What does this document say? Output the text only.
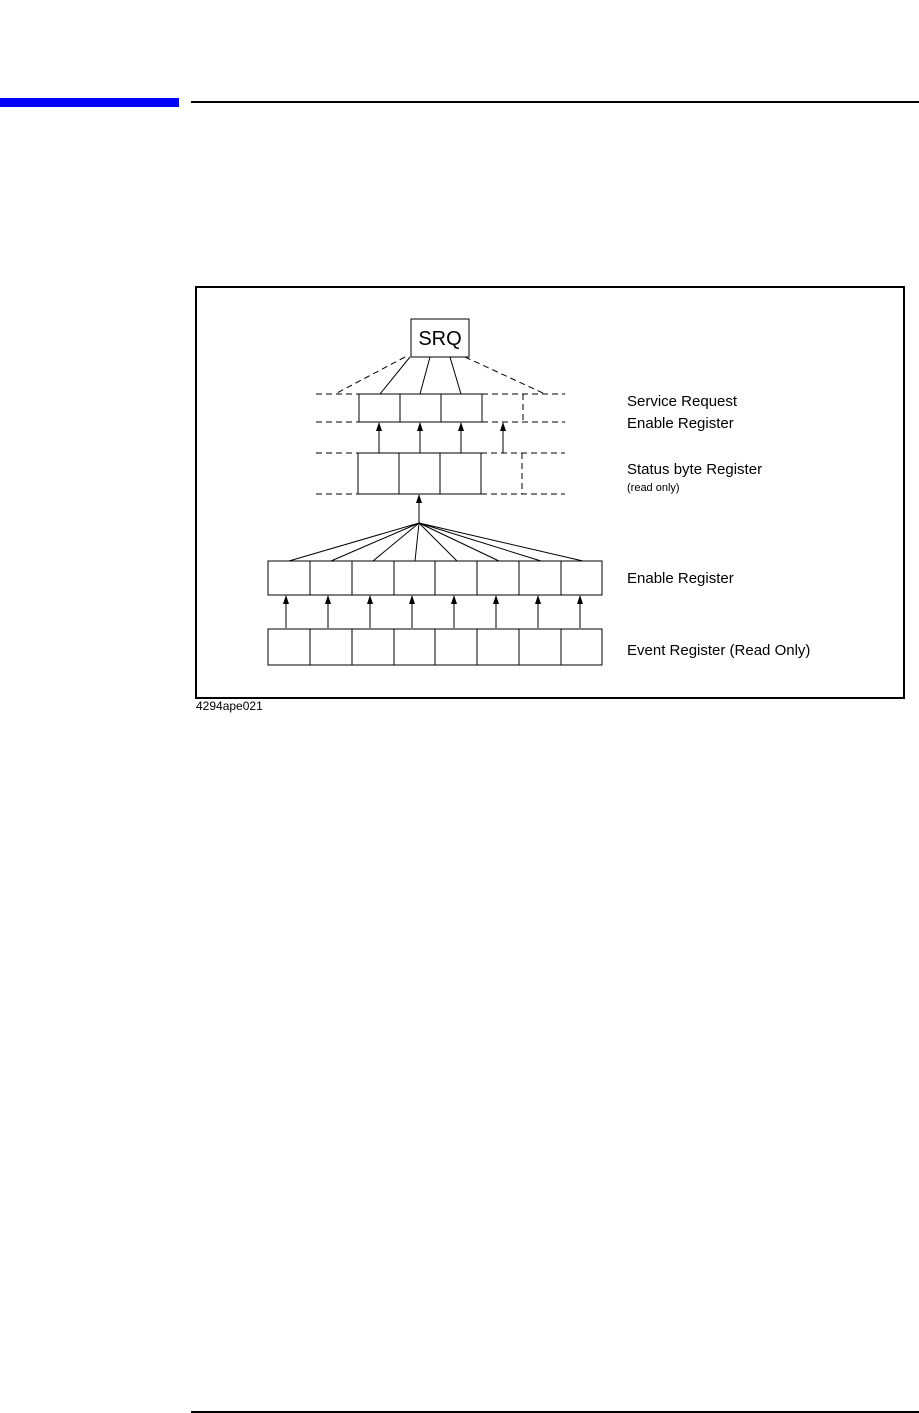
SRQ
Service Request
Enable Register
Status byte Register
(read only)
Enable Register
Event Register (Read Only)
4294ape021
